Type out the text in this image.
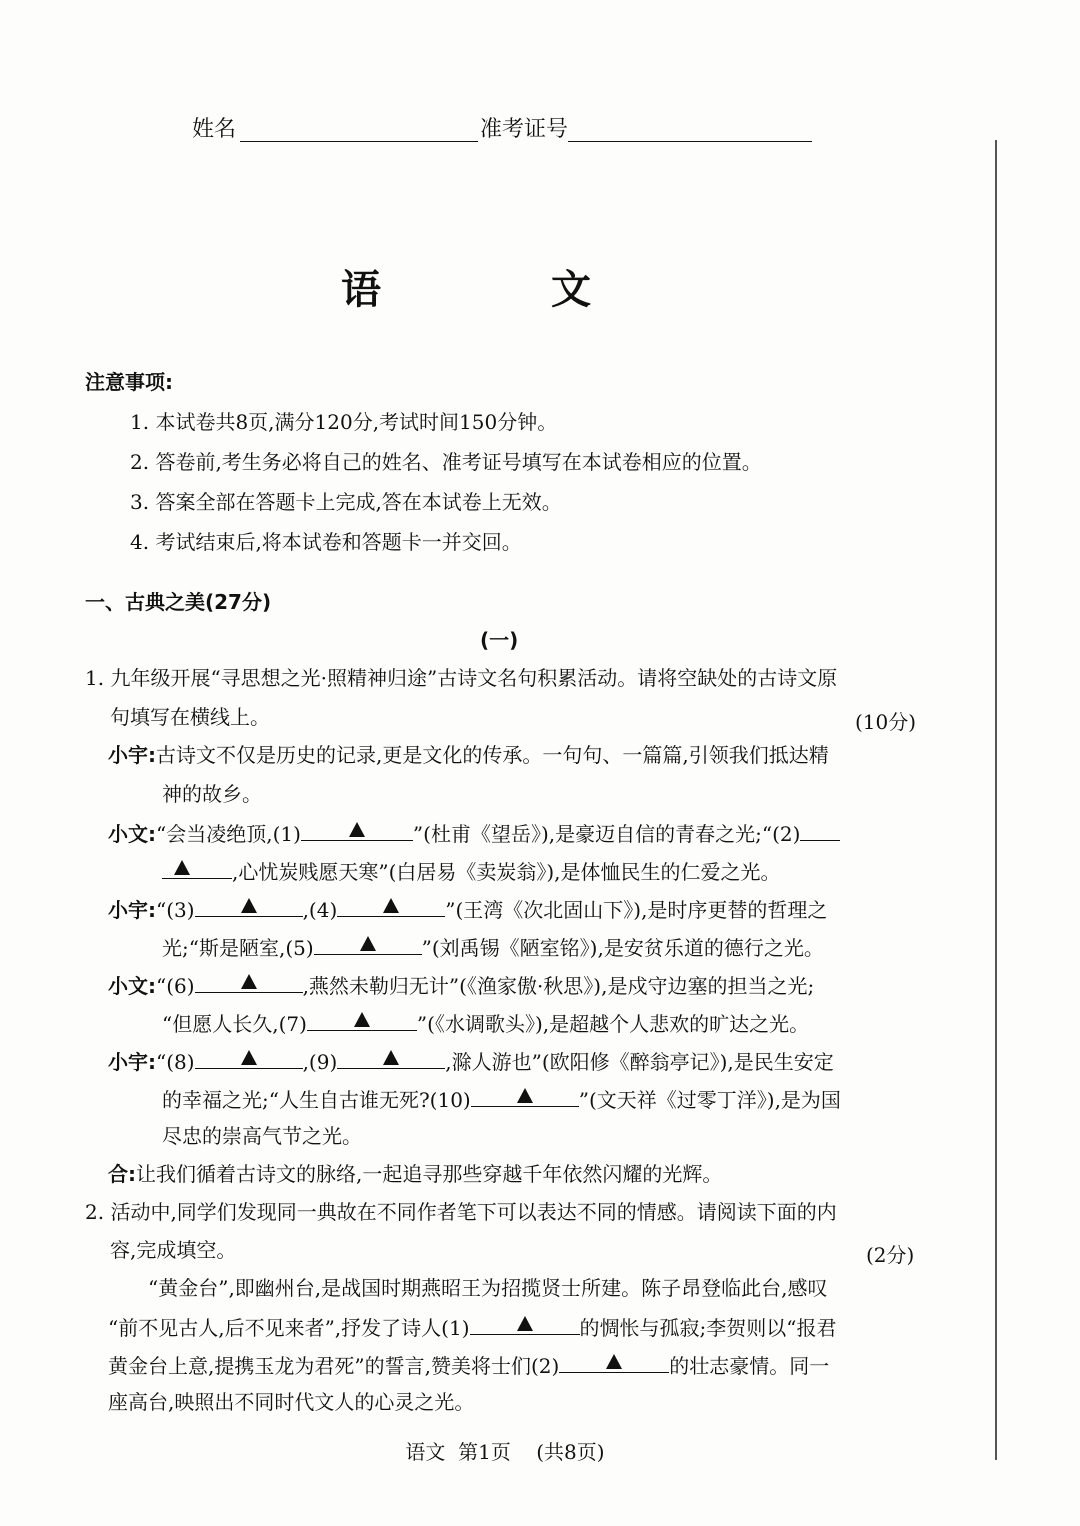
姓名	准考证号
语 文
注意事项:
1. 本试卷共8页,满分120分,考试时间150分钟。
2. 答卷前,考生务必将自己的姓名、准考证号填写在本试卷相应的位置。
3. 答案全部在答题卡上完成,答在本试卷上无效。
4. 考试结束后,将本试卷和答题卡一并交回。
一、古典之美(27分)
(一)
1. 九年级开展“寻思想之光·照精神归途”古诗文名句积累活动。请将空缺处的古诗文原
句填写在横线上。	(10分)
小宇:古诗文不仅是历史的记录,更是文化的传承。一句句、一篇篇,引领我们抵达精
神的故乡。
小文:“会当凌绝顶,(1)	”(杜甫《望岳》),是豪迈自信的青春之光;“(2)
,心忧炭贱愿天寒”(白居易《卖炭翁》),是体恤民生的仁爱之光。
小宇:“(3)	,(4)	”(王湾《次北固山下》),是时序更替的哲理之
光;“斯是陋室,(5)	”(刘禹锡《陋室铭》),是安贫乐道的德行之光。
小文:“(6)	,燕然未勒归无计”(《渔家傲·秋思》),是戍守边塞的担当之光;
“但愿人长久,(7)	”(《水调歌头》),是超越个人悲欢的旷达之光。
小宇:“(8)	,(9)	,滁人游也”(欧阳修《醉翁亭记》),是民生安定
的幸福之光;“人生自古谁无死?(10)	”(文天祥《过零丁洋》),是为国
尽忠的崇高气节之光。
合:让我们循着古诗文的脉络,一起追寻那些穿越千年依然闪耀的光辉。
2. 活动中,同学们发现同一典故在不同作者笔下可以表达不同的情感。请阅读下面的内
容,完成填空。	(2分)
“黄金台”,即幽州台,是战国时期燕昭王为招揽贤士所建。陈子昂登临此台,感叹
“前不见古人,后不见来者”,抒发了诗人(1)	的惆怅与孤寂;李贺则以“报君
黄金台上意,提携玉龙为君死”的誓言,赞美将士们(2)	的壮志豪情。同一
座高台,映照出不同时代文人的心灵之光。
语文  第1页    (共8页)
